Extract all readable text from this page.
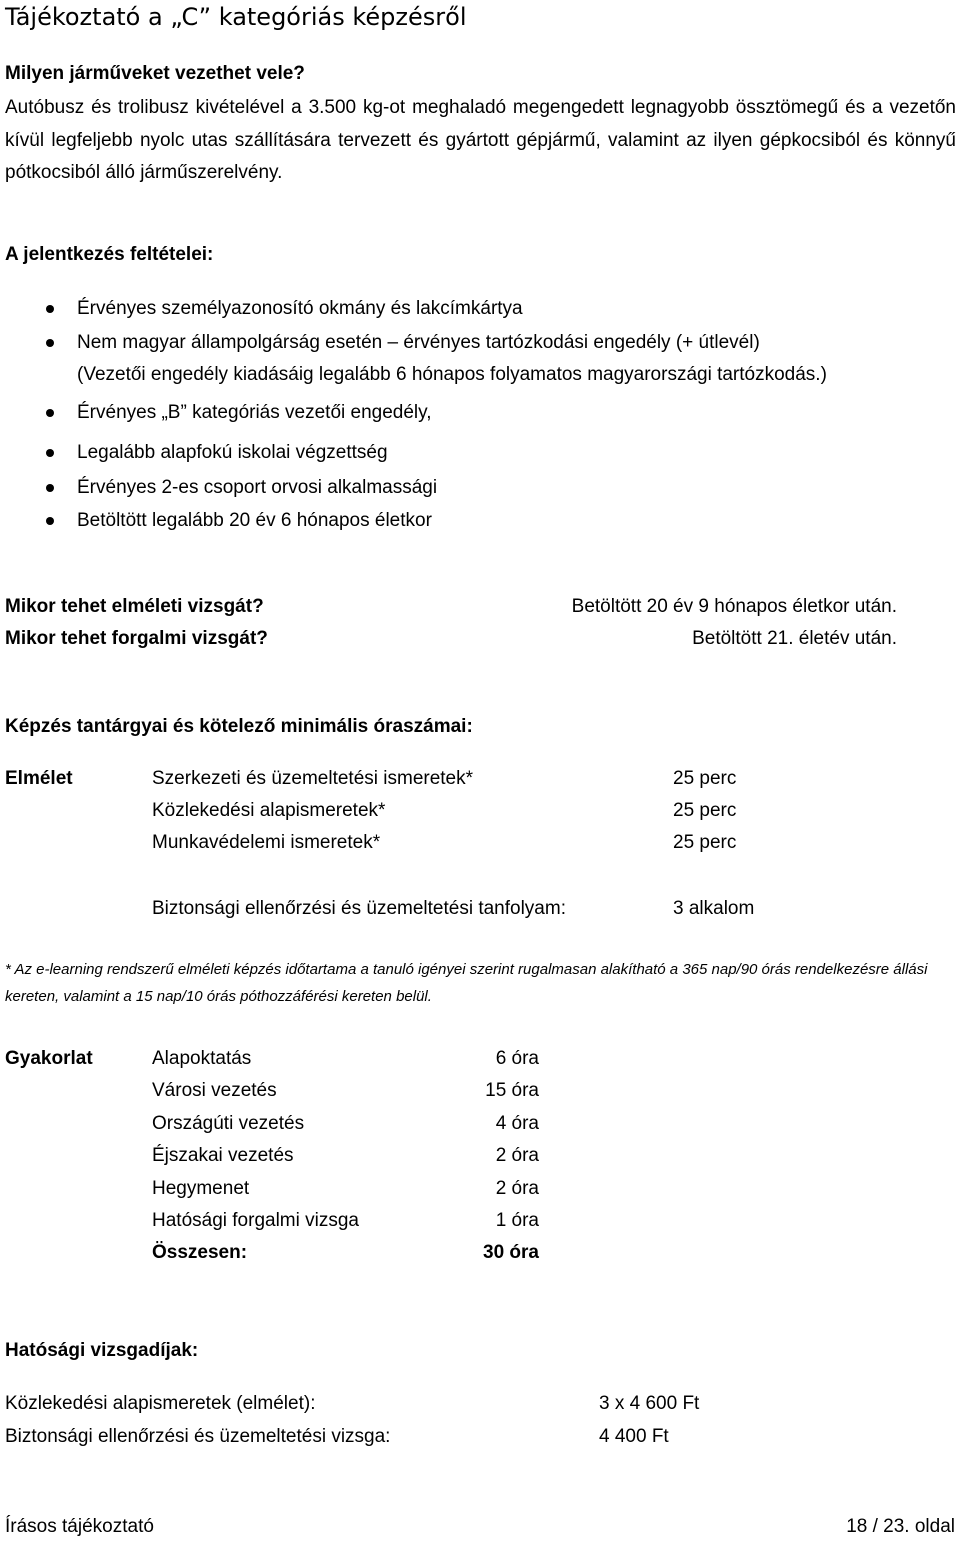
Tájékoztató a „C” kategóriás képzésről
Milyen járműveket vezethet vele?
Autóbusz és trolibusz kivételével a 3.500 kg-ot meghaladó megengedett legnagyobb össztömegű és a vezetőn kívül legfeljebb nyolc utas szállítására tervezett és gyártott gépjármű, valamint az ilyen gépkocsiból és könnyű pótkocsiból álló járműszerelvény.
A jelentkezés feltételei:
Érvényes személyazonosító okmány és lakcímkártya
Nem magyar állampolgárság esetén – érvényes tartózkodási engedély (+ útlevél)
(Vezetői engedély kiadásáig legalább 6 hónapos folyamatos magyarországi tartózkodás.)
Érvényes „B” kategóriás vezetői engedély,
Legalább alapfokú iskolai végzettség
Érvényes 2-es csoport orvosi alkalmassági
Betöltött legalább 20 év 6 hónapos életkor
Mikor tehet elméleti vizsgát?	Betöltött 20 év 9 hónapos életkor után.
Mikor tehet forgalmi vizsgát?	Betöltött 21. életév után.
Képzés tantárgyai és kötelező minimális óraszámai:
Elmélet	Szerkezeti és üzemeltetési ismeretek*	25 perc
Közlekedési alapismeretek*	25 perc
Munkavédelemi ismeretek*	25 perc
Biztonsági ellenőrzési és üzemeltetési tanfolyam:	3 alkalom
* Az e-learning rendszerű elméleti képzés időtartama a tanuló igényei szerint rugalmasan alakítható a 365 nap/90 órás rendelkezésre állási kereten, valamint a 15 nap/10 órás póthozzáférési kereten belül.
Gyakorlat	Alapoktatás	6 óra
Városi vezetés	15 óra
Országúti vezetés	4 óra
Éjszakai vezetés	2 óra
Hegymenet	2 óra
Hatósági forgalmi vizsga	1 óra
Összesen:	30 óra
Hatósági vizsgadíjak:
Közlekedési alapismeretek (elmélet):	3 x 4 600 Ft
Biztonsági ellenőrzési és üzemeltetési vizsga:	4 400 Ft
Írásos tájékoztató	18 / 23. oldal
